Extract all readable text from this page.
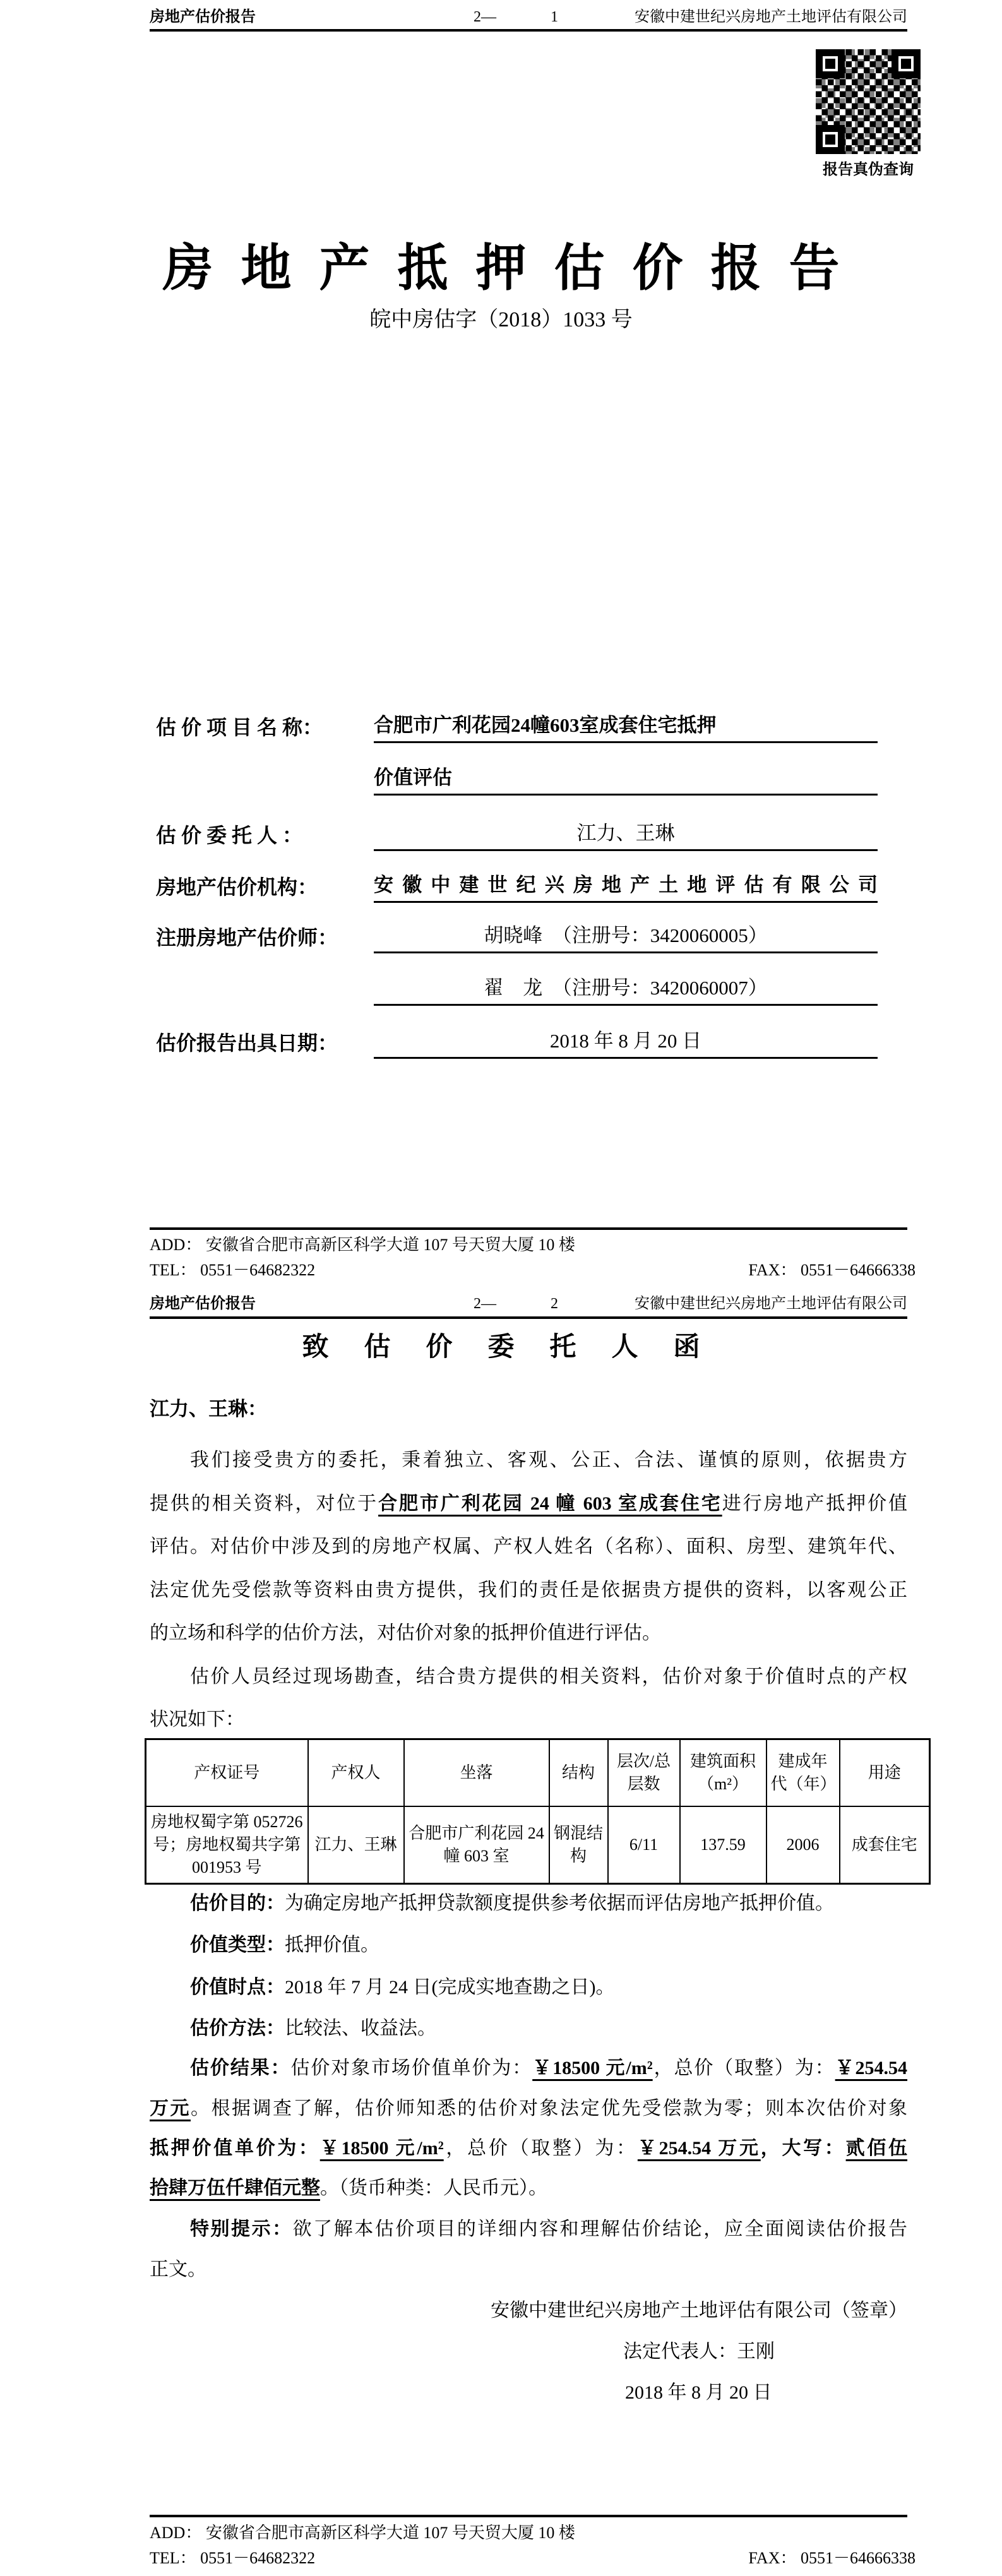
房地产估价报告	2—	1	安徽中建世纪兴房地产土地评估有限公司
报告真伪查询
房地产抵押估价报告
皖中房估字（2018）1033 号
估 价 项 目 名 称：	合肥市广利花园24幢603室成套住宅抵押
价值评估
估 价 委 托 人 ：	江力、王琳
房地产估价机构：	安徽中建世纪兴房地产土地评估有限公司
注册房地产估价师：	胡晓峰　（注册号：3420060005）
翟　龙　（注册号：3420060007）
估价报告出具日期：	2018 年 8 月 20 日
ADD： 安徽省合肥市高新区科学大道 107 号天贸大厦 10 楼
TEL： 0551－64682322	FAX： 0551－64666338
房地产估价报告	2—	2	安徽中建世纪兴房地产土地评估有限公司
致估价委托人函
江力、王琳：
我们接受贵方的委托，秉着独立、客观、公正、合法、谨慎的原则，依据贵方
提供的相关资料，对位于合肥市广利花园 24 幢 603 室成套住宅进行房地产抵押价值
评估。对估价中涉及到的房地产权属、产权人姓名（名称）、面积、房型、建筑年代、
法定优先受偿款等资料由贵方提供，我们的责任是依据贵方提供的资料，以客观公正
的立场和科学的估价方法，对估价对象的抵押价值进行评估。
估价人员经过现场勘查，结合贵方提供的相关资料，估价对象于价值时点的产权
状况如下：
产权证号	产权人	坐落	结构	层次/总层数	建筑面积（m²）	建成年代（年）	用途
房地权蜀字第 052726 号；房地权蜀共字第 001953 号	江力、王琳	合肥市广利花园 24 幢 603 室	钢混结构	6/11	137.59	2006	成套住宅
估价目的：为确定房地产抵押贷款额度提供参考依据而评估房地产抵押价值。
价值类型：抵押价值。
价值时点：2018 年 7 月 24 日(完成实地查勘之日)。
估价方法：比较法、收益法。
估价结果：估价对象市场价值单价为：￥18500 元/m²，总价（取整）为：￥254.54
万元。根据调查了解，估价师知悉的估价对象法定优先受偿款为零；则本次估价对象
抵押价值单价为：￥18500 元/m²，总价（取整）为：￥254.54 万元，大写：贰佰伍
拾肆万伍仟肆佰元整。（货币种类：人民币元）。
特别提示：欲了解本估价项目的详细内容和理解估价结论，应全面阅读估价报告
正文。
安徽中建世纪兴房地产土地评估有限公司（签章）
法定代表人：王刚
2018 年 8 月 20 日
ADD： 安徽省合肥市高新区科学大道 107 号天贸大厦 10 楼
TEL： 0551－64682322	FAX： 0551－64666338
